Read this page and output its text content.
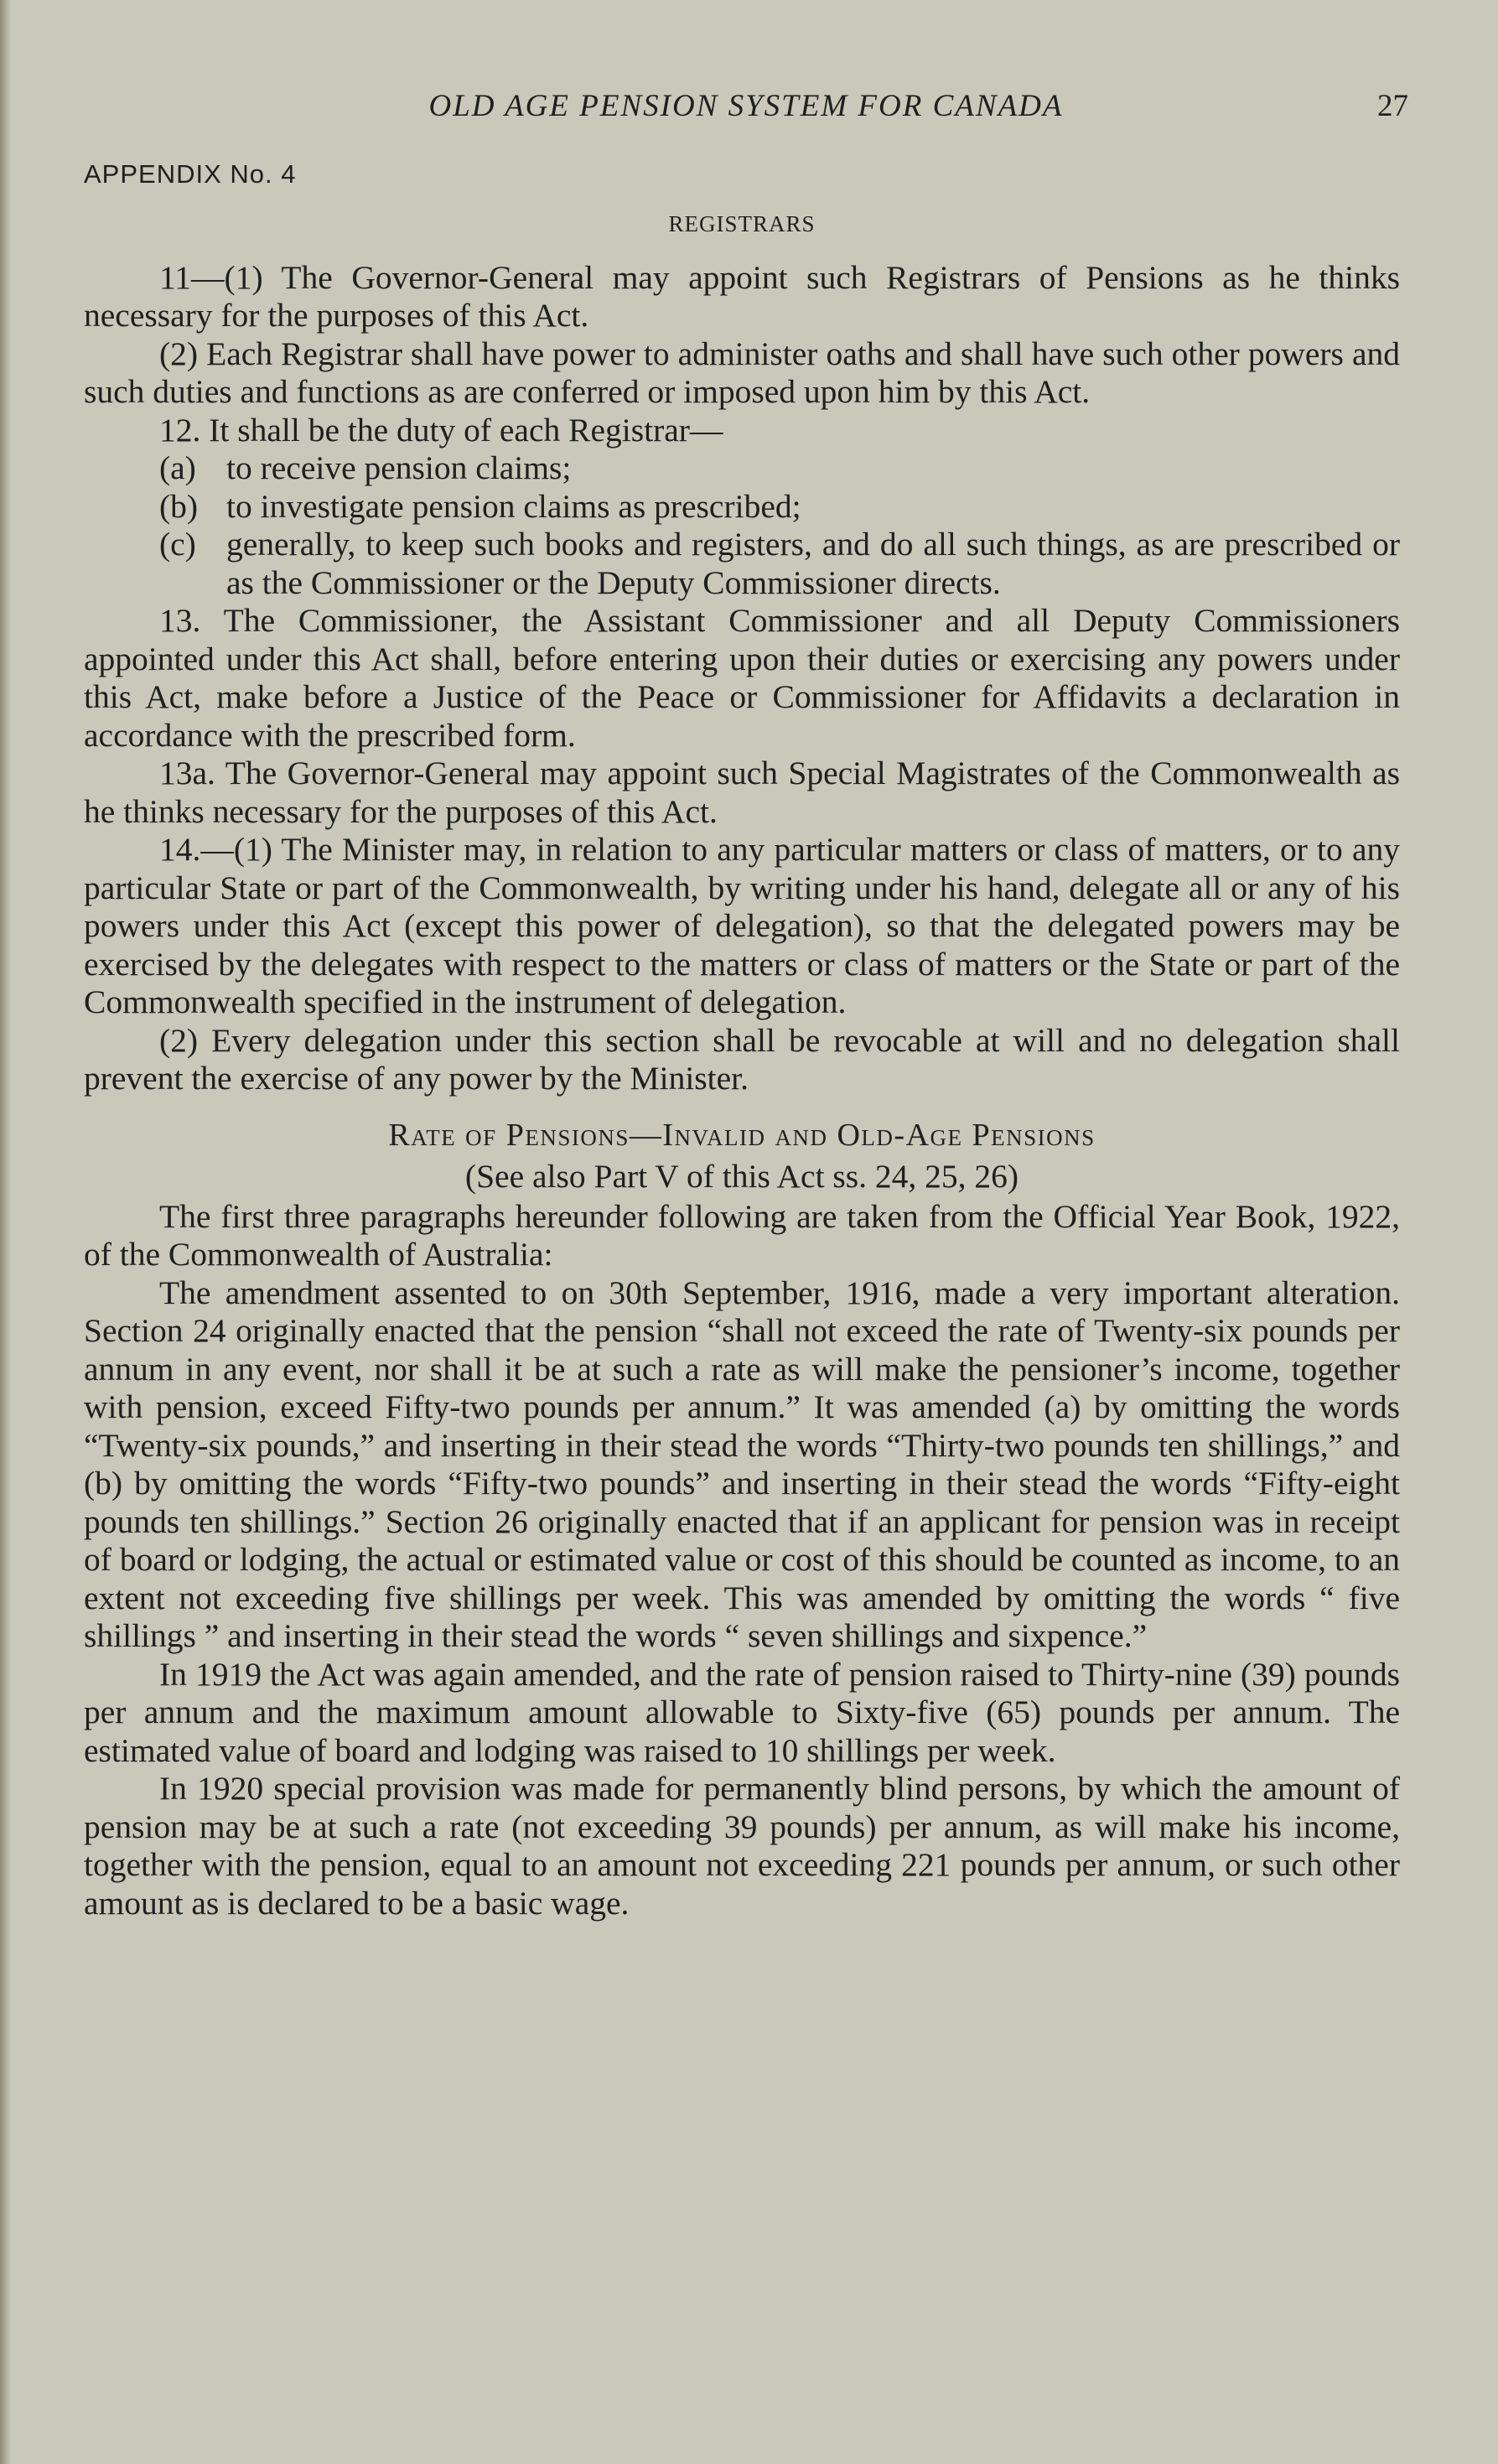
OLD AGE PENSION SYSTEM FOR CANADA	27
APPENDIX No. 4
REGISTRARS

11—(1) The Governor-General may appoint such Registrars of Pensions as he thinks necessary for the purposes of this Act.

(2) Each Registrar shall have power to administer oaths and shall have such other powers and such duties and functions as are conferred or imposed upon him by this Act.

12. It shall be the duty of each Registrar—

(a) to receive pension claims;
(b) to investigate pension claims as prescribed;
(c) generally, to keep such books and registers, and do all such things, as are prescribed or as the Commissioner or the Deputy Commissioner directs.

13. The Commissioner, the Assistant Commissioner and all Deputy Commissioners appointed under this Act shall, before entering upon their duties or exercising any powers under this Act, make before a Justice of the Peace or Commissioner for Affidavits a declaration in accordance with the prescribed form.

13a. The Governor-General may appoint such Special Magistrates of the Commonwealth as he thinks necessary for the purposes of this Act.

14.—(1) The Minister may, in relation to any particular matters or class of matters, or to any particular State or part of the Commonwealth, by writing under his hand, delegate all or any of his powers under this Act (except this power of delegation), so that the delegated powers may be exercised by the delegates with respect to the matters or class of matters or the State or part of the Commonwealth specified in the instrument of delegation.

(2) Every delegation under this section shall be revocable at will and no delegation shall prevent the exercise of any power by the Minister.

Rate of Pensions—Invalid and Old-Age Pensions
(See also Part V of this Act ss. 24, 25, 26)

The first three paragraphs hereunder following are taken from the Official Year Book, 1922, of the Commonwealth of Australia:

The amendment assented to on 30th September, 1916, made a very important alteration. Section 24 originally enacted that the pension “shall not exceed the rate of Twenty-six pounds per annum in any event, nor shall it be at such a rate as will make the pensioner’s income, together with pension, exceed Fifty-two pounds per annum.” It was amended (a) by omitting the words “Twenty-six pounds,” and inserting in their stead the words “Thirty-two pounds ten shillings,” and (b) by omitting the words “Fifty-two pounds” and inserting in their stead the words “Fifty-eight pounds ten shillings.” Section 26 originally enacted that if an applicant for pension was in receipt of board or lodging, the actual or estimated value or cost of this should be counted as income, to an extent not exceeding five shillings per week. This was amended by omitting the words “ five shillings ” and inserting in their stead the words “ seven shillings and sixpence.”

In 1919 the Act was again amended, and the rate of pension raised to Thirty-nine (39) pounds per annum and the maximum amount allowable to Sixty-five (65) pounds per annum. The estimated value of board and lodging was raised to 10 shillings per week.

In 1920 special provision was made for permanently blind persons, by which the amount of pension may be at such a rate (not exceeding 39 pounds) per annum, as will make his income, together with the pension, equal to an amount not exceeding 221 pounds per annum, or such other amount as is declared to be a basic wage.
